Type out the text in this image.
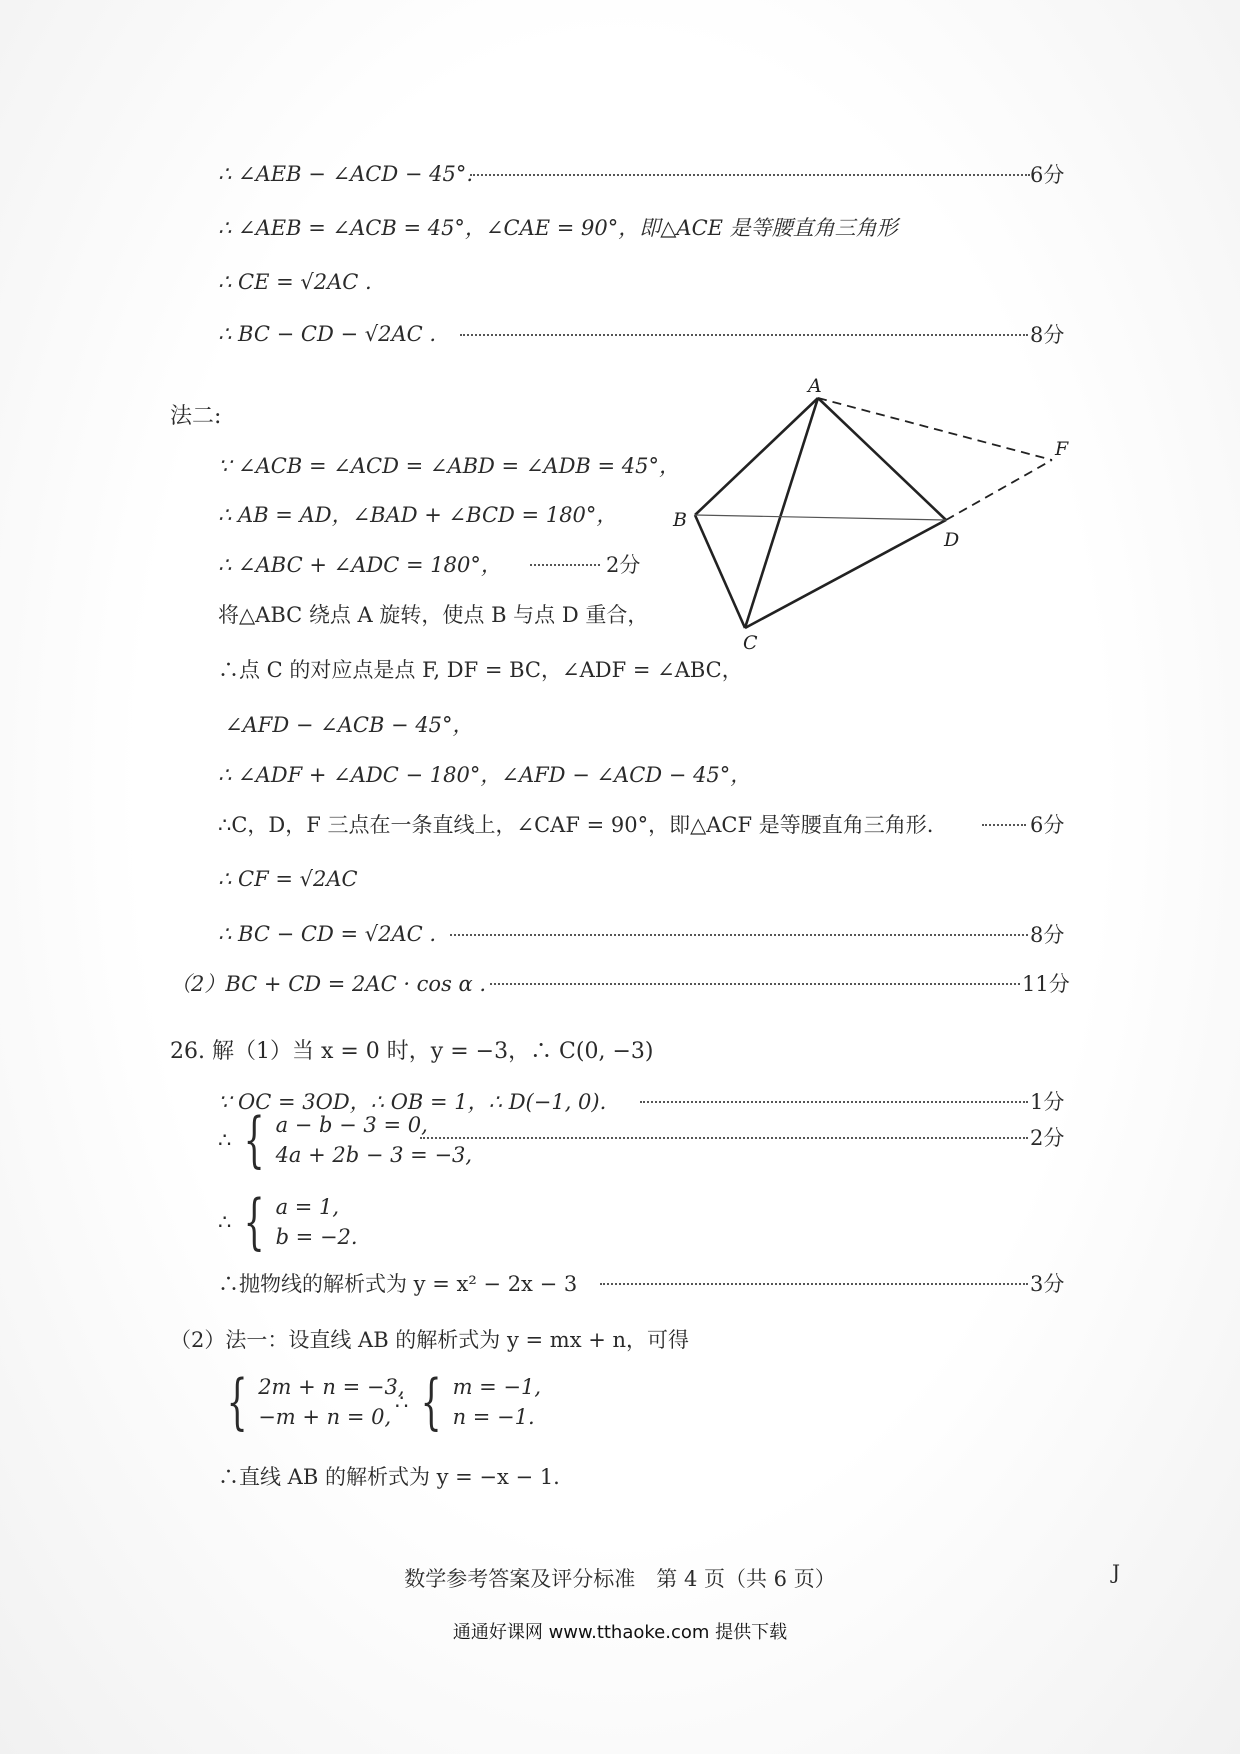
∴ ∠AEB − ∠ACD − 45°.	6分
∴ ∠AEB = ∠ACB = 45°，∠CAE = 90°，即△ACE 是等腰直角三角形
∴ CE = √2AC .
∴ BC − CD − √2AC .	8分
法二:
∵ ∠ACB = ∠ACD = ∠ABD = ∠ADB = 45°，
∴ AB = AD，∠BAD + ∠BCD = 180°，
∴ ∠ABC + ∠ADC = 180°，	2分
将△ABC 绕点 A 旋转，使点 B 与点 D 重合，
∴点 C 的对应点是点 F, DF = BC，∠ADF = ∠ABC，
∠AFD − ∠ACB − 45°，
∴ ∠ADF + ∠ADC − 180°，∠AFD − ∠ACD − 45°，
∴C，D，F 三点在一条直线上，∠CAF = 90°，即△ACF 是等腰直角三角形.	6分
∴ CF = √2AC
∴ BC − CD = √2AC .	8分
（2）BC + CD = 2AC · cos α .	11分
26. 解（1）当 x = 0 时，y = −3，∴ C(0, −3)
∵ OC = 3OD，∴ OB = 1，∴ D(−1, 0).	1分
∴ { a − b − 3 = 0,
4a + 2b − 3 = −3,
2分
∴ { a = 1,
b = −2.
∴抛物线的解析式为 y = x² − 2x − 3	3分
（2）法一：设直线 AB 的解析式为 y = mx + n，可得
{ 2m + n = −3,
−m + n = 0,
∴ { m = −1,
n = −1.
∴直线 AB 的解析式为 y = −x − 1.
A
F
B
D
C
数学参考答案及评分标准　第 4 页（共 6 页）	J
通通好课网 www.tthaoke.com 提供下载
